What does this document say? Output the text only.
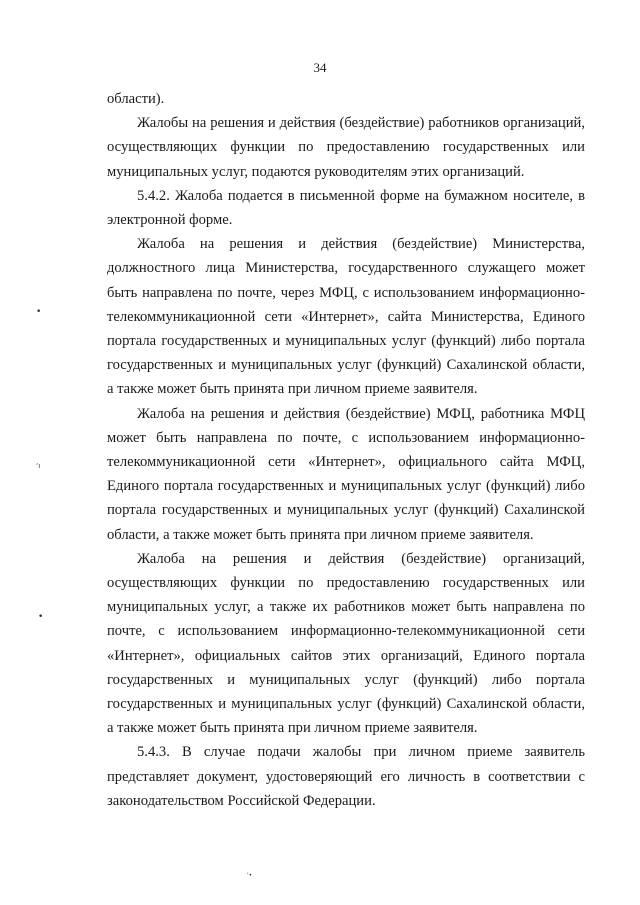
34

области).

Жалобы на решения и действия (бездействие) работников организаций, осуществляющих функции по предоставлению государственных или муниципальных услуг, подаются руководителям этих организаций.

5.4.2. Жалоба подается в письменной форме на бумажном носителе, в электронной форме.

Жалоба на решения и действия (бездействие) Министерства, должностного лица Министерства, государственного служащего может быть направлена по почте, через МФЦ, с использованием информационно-телекоммуникационной сети «Интернет», сайта Министерства, Единого портала государственных и муниципальных услуг (функций) либо портала государственных и муниципальных услуг (функций) Сахалинской области, а также может быть принята при личном приеме заявителя.

Жалоба на решения и действия (бездействие) МФЦ, работника МФЦ может быть направлена по почте, с использованием информационно-телекоммуникационной сети «Интернет», официального сайта МФЦ, Единого портала государственных и муниципальных услуг (функций) либо портала государственных и муниципальных услуг (функций) Сахалинской области, а также может быть принята при личном приеме заявителя.

Жалоба на решения и действия (бездействие) организаций, осуществляющих функции по предоставлению государственных или муниципальных услуг, а также их работников может быть направлена по почте, с использованием информационно-телекоммуникационной сети «Интернет», официальных сайтов этих организаций, Единого портала государственных и муниципальных услуг (функций) либо портала государственных и муниципальных услуг (функций) Сахалинской области, а также может быть принята при личном приеме заявителя.

5.4.3. В случае подачи жалобы при личном приеме заявитель представляет документ, удостоверяющий его личность в соответствии с законодательством Российской Федерации.

•
‘ı
•
'•
